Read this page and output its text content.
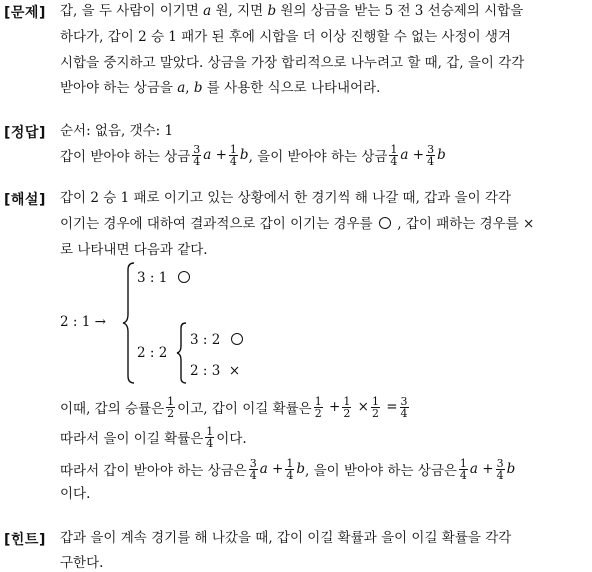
[문제] 갑, 을 두 사람이 이기면 a 원, 지면 b 원의 상금을 받는 5 전 3 선승제의 시합을
하다가, 갑이 2 승 1 패가 된 후에 시합을 더 이상 진행할 수 없는 사정이 생겨
시합을 중지하고 말았다. 상금을 가장 합리적으로 나누려고 할 때, 갑, 을이 각각
받아야 하는 상금을 a, b 를 사용한 식으로 나타내어라.
[정답] 순서: 없음, 갯수: 1
갑이 받아야 하는 상금 $\frac{3}{4}$ $a + \frac{1}{4}$ b , 을이 받아야 하는 상금 $\frac{1}{4}$ $a + \frac{3}{4}$ b
[해설] 갑이 2 승 1 패로 이기고 있는 상황에서 한 경기씩 해 나갈 때, 갑과 을이 각각
이기는 경우에 대하여 결과적으로 갑이 이기는 경우를  , 갑이 패하는 경우를 ×
로 나타내면 다음과 같다.
2 : 1 →
3 : 1
2 : 2
3 : 2
2 : 3 ×
이때, 갑의 승률은 $\frac{1}{2}$ 이고, 갑이 이길 확률은 $\frac{1}{2} + \frac{1}{2} \times \frac{1}{2} = \frac{3}{4}$
따라서 을이 이길 확률은 $\frac{1}{4}$ 이다.
따라서 갑이 받아야 하는 상금은 $\frac{3}{4}$ $a + \frac{1}{4}$ b , 을이 받아야 하는 상금은 $\frac{1}{4}$ $a + \frac{3}{4}$ b
이다.
[힌트] 갑과 을이 계속 경기를 해 나갔을 때, 갑이 이길 확률과 을이 이길 확률을 각각
구한다.
